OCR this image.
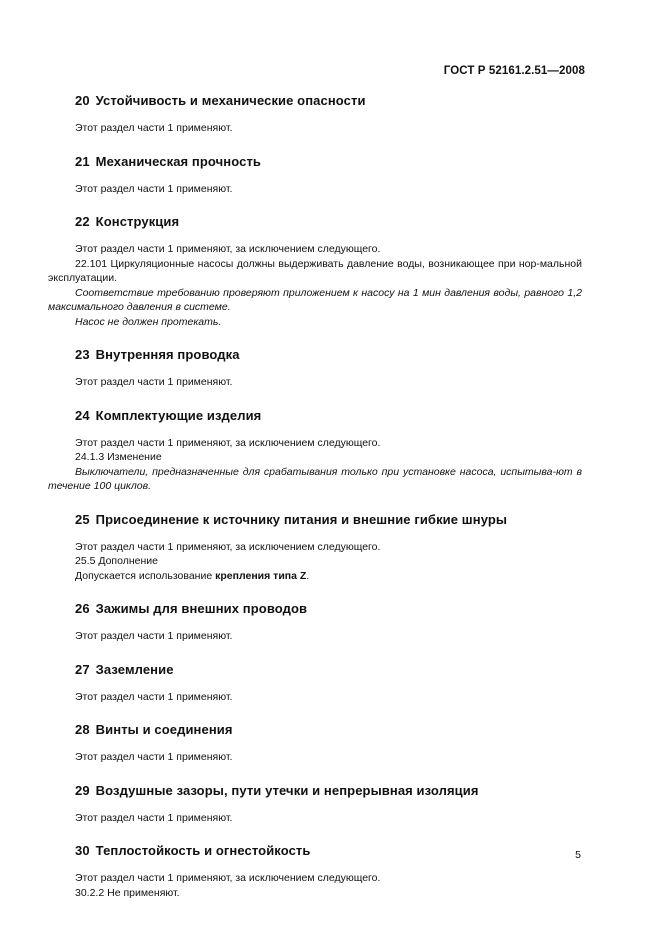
ГОСТ Р 52161.2.51—2008
20 Устойчивость и механические опасности

Этот раздел части 1 применяют.

21 Механическая прочность

Этот раздел части 1 применяют.

22 Конструкция

Этот раздел части 1 применяют, за исключением следующего.

22.101 Циркуляционные насосы должны выдерживать давление воды, возникающее при нор-мальной эксплуатации.

Соответствие требованию проверяют приложением к насосу на 1 мин давления воды, равного 1,2 максимального давления в системе.

Насос не должен протекать.

23 Внутренняя проводка

Этот раздел части 1 применяют.

24 Комплектующие изделия

Этот раздел части 1 применяют, за исключением следующего.

24.1.3 Изменение

Выключатели, предназначенные для срабатывания только при установке насоса, испытыва-ют в течение 100 циклов.

25 Присоединение к источнику питания и внешние гибкие шнуры

Этот раздел части 1 применяют, за исключением следующего.

25.5 Дополнение

Допускается использование крепления типа Z.

26 Зажимы для внешних проводов

Этот раздел части 1 применяют.

27 Заземление

Этот раздел части 1 применяют.

28 Винты и соединения

Этот раздел части 1 применяют.

29 Воздушные зазоры, пути утечки и непрерывная изоляция

Этот раздел части 1 применяют.

30 Теплостойкость и огнестойкость

Этот раздел части 1 применяют, за исключением следующего.

30.2.2 Не применяют.

5
